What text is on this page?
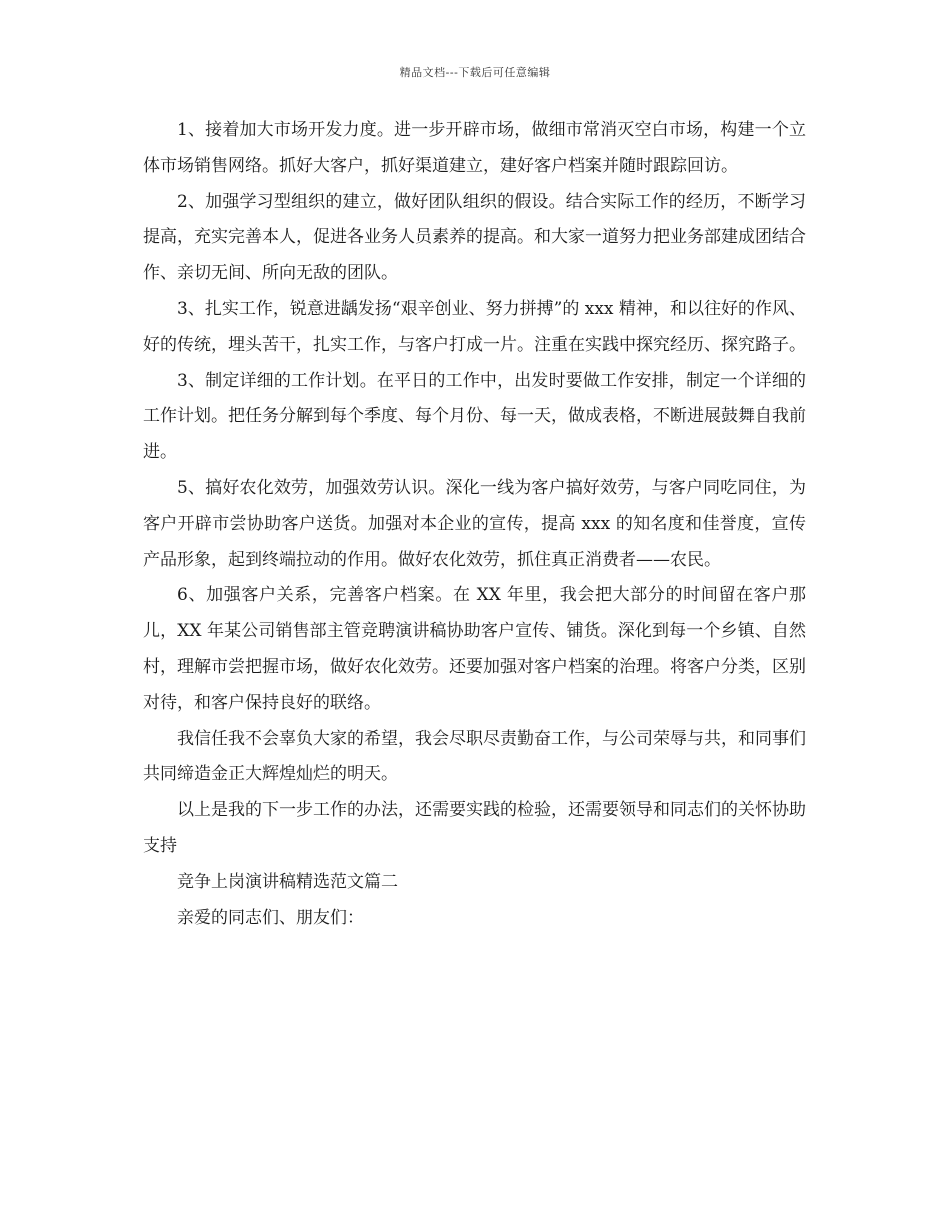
精品文档---下载后可任意编辑

1、接着加大市场开发力度。进一步开辟市场，做细市常消灭空白市场，构建一个立体市场销售网络。抓好大客户，抓好渠道建立，建好客户档案并随时跟踪回访。

2、加强学习型组织的建立，做好团队组织的假设。结合实际工作的经历，不断学习提高，充实完善本人，促进各业务人员素养的提高。和大家一道努力把业务部建成团结合作、亲切无间、所向无敌的团队。

3、扎实工作，锐意进龋发扬“艰辛创业、努力拼搏”的 xxx 精神，和以往好的作风、好的传统，埋头苦干，扎实工作，与客户打成一片。注重在实践中探究经历、探究路子。

3、制定详细的工作计划。在平日的工作中，出发时要做工作安排，制定一个详细的工作计划。把任务分解到每个季度、每个月份、每一天，做成表格，不断进展鼓舞自我前进。

5、搞好农化效劳，加强效劳认识。深化一线为客户搞好效劳，与客户同吃同住，为客户开辟市尝协助客户送货。加强对本企业的宣传，提高 xxx 的知名度和佳誉度，宣传产品形象，起到终端拉动的作用。做好农化效劳，抓住真正消费者——农民。

6、加强客户关系，完善客户档案。在 XX 年里，我会把大部分的时间留在客户那儿，XX 年某公司销售部主管竞聘演讲稿协助客户宣传、铺货。深化到每一个乡镇、自然村，理解市尝把握市场，做好农化效劳。还要加强对客户档案的治理。将客户分类，区别对待，和客户保持良好的联络。

我信任我不会辜负大家的希望，我会尽职尽责勤奋工作，与公司荣辱与共，和同事们共同缔造金正大辉煌灿烂的明天。

以上是我的下一步工作的办法，还需要实践的检验，还需要领导和同志们的关怀协助支持

竞争上岗演讲稿精选范文篇二

亲爱的同志们、朋友们：
